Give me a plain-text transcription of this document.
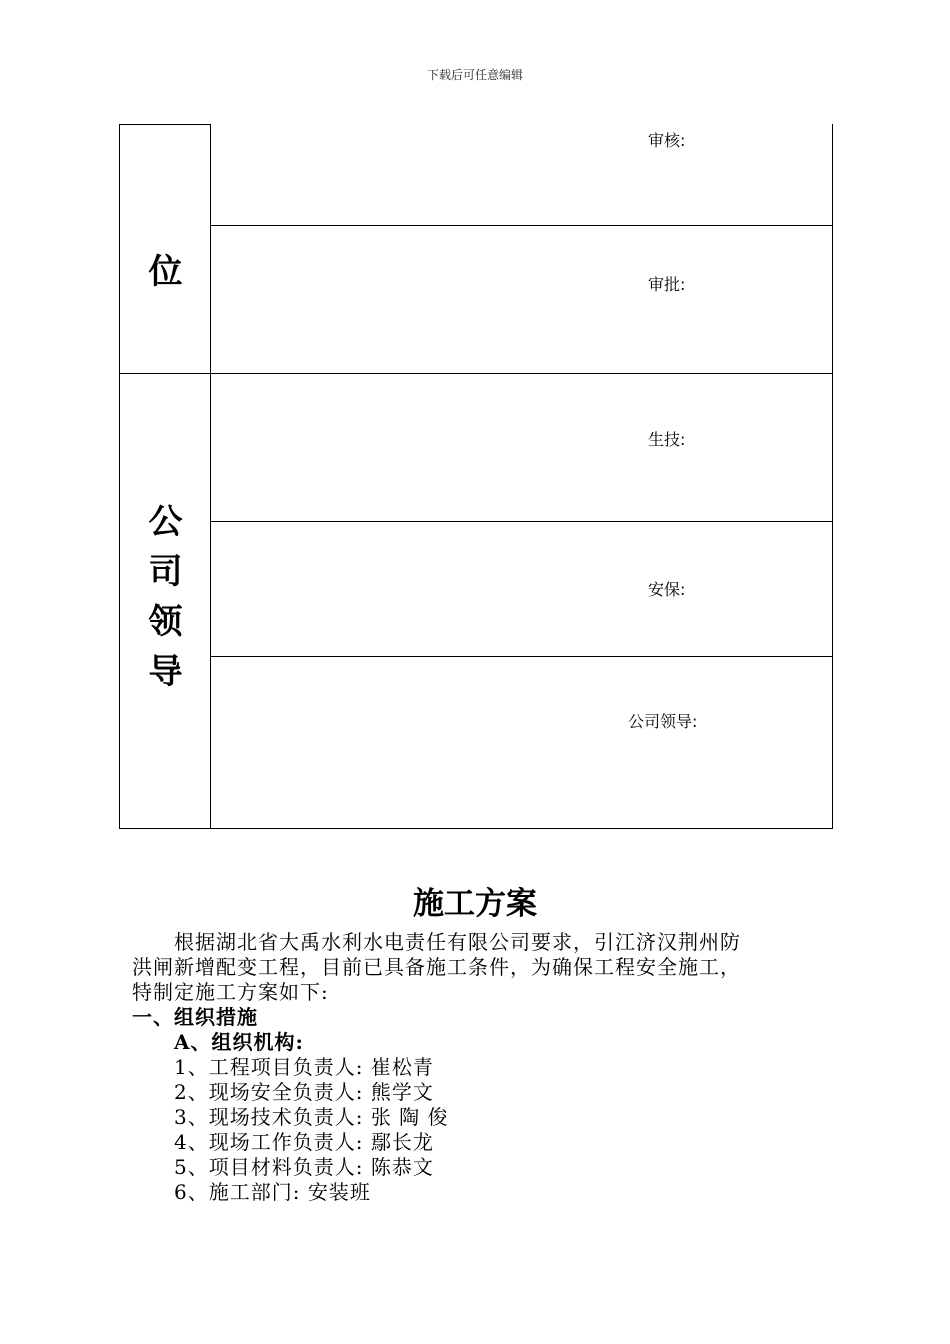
下载后可任意编辑
位
公
司
领
导
审核:
审批:
生技:
安保:
公司领导:
施工方案

根据湖北省大禹水利水电责任有限公司要求，引江济汉荆州防

洪闸新增配变工程，目前已具备施工条件，为确保工程安全施工，

特制定施工方案如下:

一、组织措施
A、组织机构:
1、工程项目负责人: 崔松青
2、现场安全负责人: 熊学文
3、现场技术负责人: 张 陶 俊
4、现场工作负责人: 鄢长龙
5、项目材料负责人: 陈恭文
6、施工部门: 安装班
